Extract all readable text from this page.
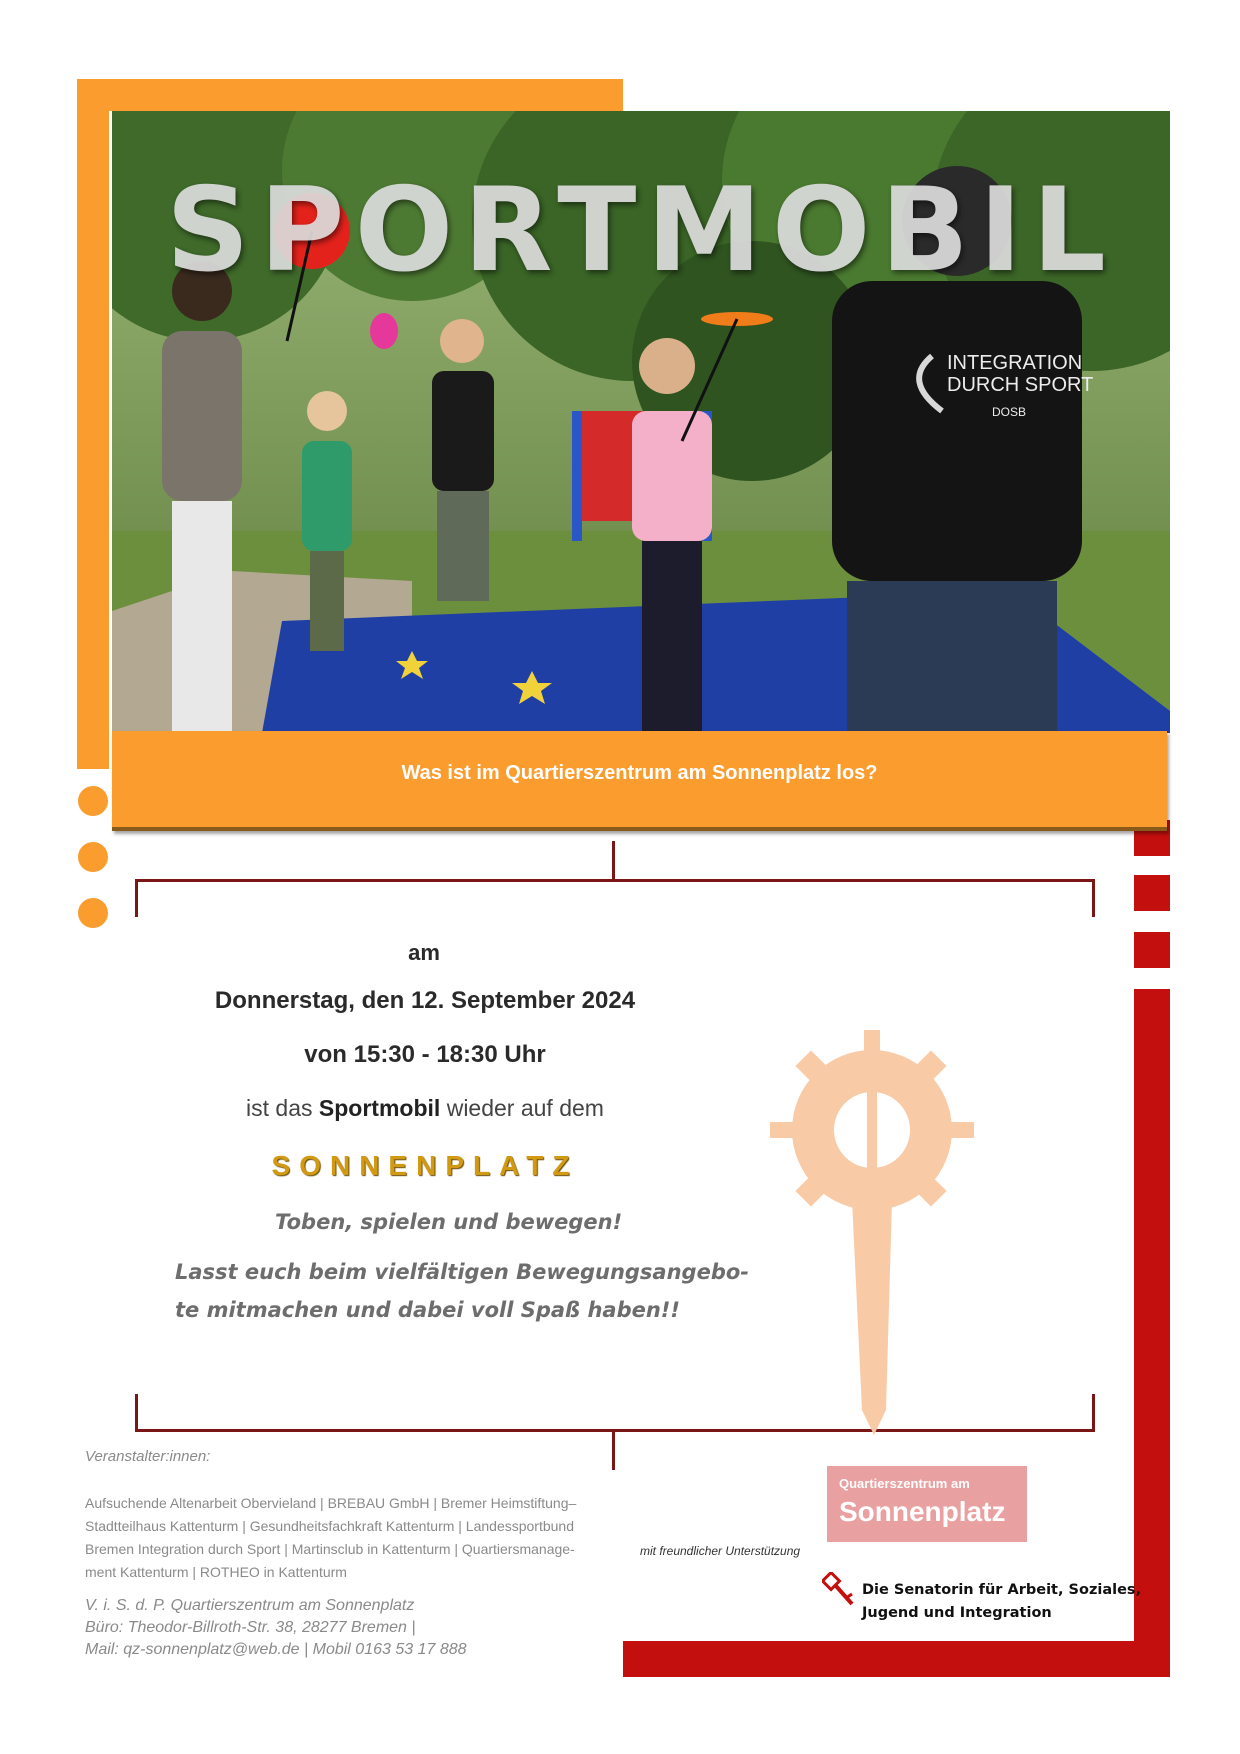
INTEGRATION
DURCH SPORT
DOSB
SPORTMOBIL
Was ist im Quartierszentrum am Sonnenplatz los?
am
Donnerstag, den 12. September 2024
von 15:30 - 18:30 Uhr
ist das Sportmobil wieder auf dem
SONNENPLATZ
Toben, spielen und bewegen!
Lasst euch beim vielfältigen Bewegungsangebo-
te mitmachen und dabei voll Spaß haben!!
Veranstalter:innen:
Aufsuchende Altenarbeit Obervieland | BREBAU GmbH | Bremer Heimstiftung–
Stadtteilhaus Kattenturm | Gesundheitsfachkraft Kattenturm | Landessportbund
Bremen Integration durch Sport | Martinsclub in Kattenturm | Quartiersmanage-
ment Kattenturm | ROTHEO in Kattenturm
V. i. S. d. P. Quartierszentrum am Sonnenplatz
Büro: Theodor-Billroth-Str. 38, 28277 Bremen |
Mail: qz-sonnenplatz@web.de | Mobil 0163 53 17 888
mit freundlicher Unterstützung
Quartierszentrum am
Sonnenplatz
Die Senatorin für Arbeit, Soziales,
Jugend und Integration
